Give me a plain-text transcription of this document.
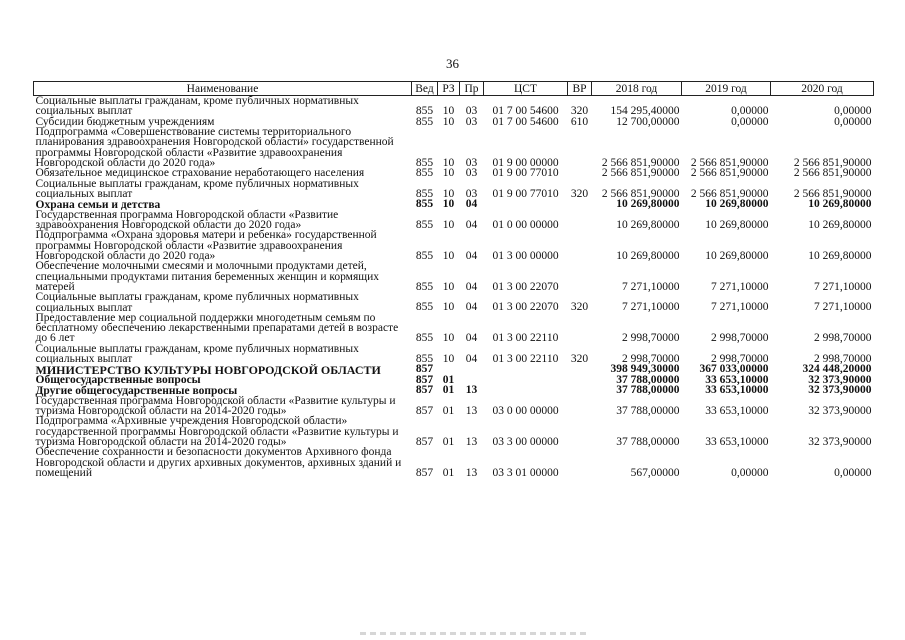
36
Наименование	Вед	РЗ	Пр	ЦСТ	ВР	2018 год	2019 год	2020 год
Социальные выплаты гражданам, кроме публичных нормативных социальных выплат	855	10	03	01 7 00 54600	320	154 295,40000	0,00000	0,00000
Субсидии бюджетным учреждениям	855	10	03	01 7 00 54600	610	12 700,00000	0,00000	0,00000
Подпрограмма «Совершенствование системы территориального планирования здравоохранения Новгородской области» государственной программы Новгородской области «Развитие здравоохранения Новгородской области до 2020 года»	855	10	03	01 9 00 00000		2 566 851,90000	2 566 851,90000	2 566 851,90000
Обязательное медицинское страхование неработающего населения	855	10	03	01 9 00 77010		2 566 851,90000	2 566 851,90000	2 566 851,90000
Социальные выплаты гражданам, кроме публичных нормативных социальных выплат	855	10	03	01 9 00 77010	320	2 566 851,90000	2 566 851,90000	2 566 851,90000
Охрана семьи и детства	855	10	04			10 269,80000	10 269,80000	10 269,80000
Государственная программа Новгородской области «Развитие здравоохранения Новгородской области до 2020 года»	855	10	04	01 0 00 00000		10 269,80000	10 269,80000	10 269,80000
Подпрограмма «Охрана здоровья матери и ребенка» государственной программы Новгородской области «Развитие здравоохранения Новгородской области до 2020 года»	855	10	04	01 3 00 00000		10 269,80000	10 269,80000	10 269,80000
Обеспечение молочными смесями и молочными продуктами детей, специальными продуктами питания беременных женщин и кормящих матерей	855	10	04	01 3 00 22070		7 271,10000	7 271,10000	7 271,10000
Социальные выплаты гражданам, кроме публичных нормативных социальных выплат	855	10	04	01 3 00 22070	320	7 271,10000	7 271,10000	7 271,10000
Предоставление мер социальной поддержки многодетным семьям по бесплатному обеспечению лекарственными препаратами детей в возрасте до 6 лет	855	10	04	01 3 00 22110		2 998,70000	2 998,70000	2 998,70000
Социальные выплаты гражданам, кроме публичных нормативных социальных выплат	855	10	04	01 3 00 22110	320	2 998,70000	2 998,70000	2 998,70000
МИНИСТЕРСТВО КУЛЬТУРЫ НОВГОРОДСКОЙ ОБЛАСТИ	857					398 949,30000	367 033,00000	324 448,20000
Общегосударственные вопросы	857	01				37 788,00000	33 653,10000	32 373,90000
Другие общегосударственные вопросы	857	01	13			37 788,00000	33 653,10000	32 373,90000
Государственная программа Новгородской области «Развитие культуры и туризма Новгородской области на 2014-2020 годы»	857	01	13	03 0 00 00000		37 788,00000	33 653,10000	32 373,90000
Подпрограмма «Архивные учреждения Новгородской области» государственной программы Новгородской области «Развитие культуры и туризма Новгородской области на 2014-2020 годы»	857	01	13	03 3 00 00000		37 788,00000	33 653,10000	32 373,90000
Обеспечение сохранности и безопасности документов Архивного фонда Новгородской области и других архивных документов, архивных зданий и помещений	857	01	13	03 3 01 00000		567,00000	0,00000	0,00000
